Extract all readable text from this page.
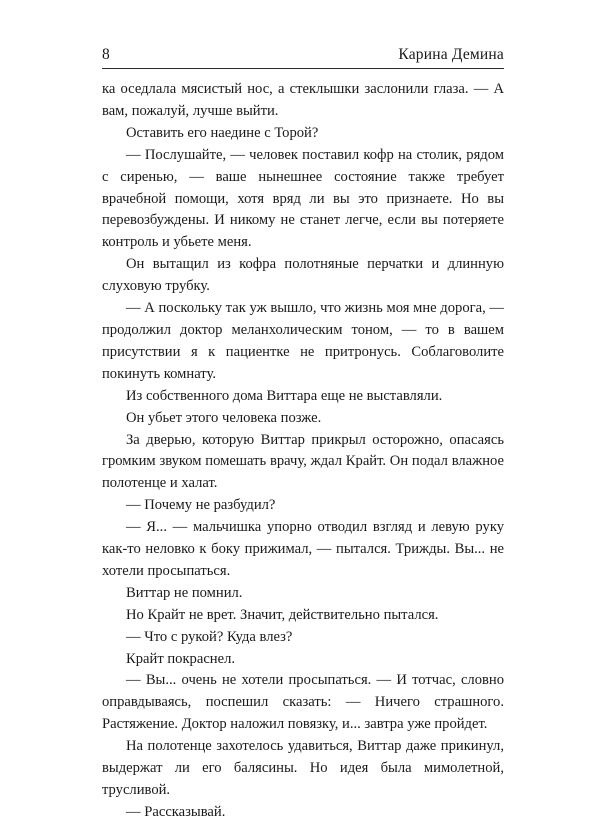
8	Карина Демина

ка оседлала мясистый нос, а стеклышки заслонили глаза. — А вам, пожалуй, лучше выйти.

Оставить его наедине с Торой?

— Послушайте, — человек поставил кофр на столик, рядом с сиренью, — ваше нынешнее состояние также требует врачебной помощи, хотя вряд ли вы это признаете. Но вы перевозбуждены. И никому не станет легче, если вы потеряете контроль и убьете меня.

Он вытащил из кофра полотняные перчатки и длинную слуховую трубку.

— А поскольку так уж вышло, что жизнь моя мне дорога, — продолжил доктор меланхолическим тоном, — то в вашем присутствии я к пациентке не притронусь. Соблаговолите покинуть комнату.

Из собственного дома Виттара еще не выставляли.

Он убьет этого человека позже.

За дверью, которую Виттар прикрыл осторожно, опасаясь громким звуком помешать врачу, ждал Крайт. Он подал влажное полотенце и халат.

— Почему не разбудил?

— Я... — мальчишка упорно отводил взгляд и левую руку как-то неловко к боку прижимал, — пытался. Трижды. Вы... не хотели просыпаться.

Виттар не помнил.

Но Крайт не врет. Значит, действительно пытался.

— Что с рукой? Куда влез?

Крайт покраснел.

— Вы... очень не хотели просыпаться. — И тотчас, словно оправдываясь, поспешил сказать: — Ничего страшного. Растяжение. Доктор наложил повязку, и... завтра уже пройдет.

На полотенце захотелось удавиться, Виттар даже прикинул, выдержат ли его балясины. Но идея была мимолетной, трусливой.

— Рассказывай.
